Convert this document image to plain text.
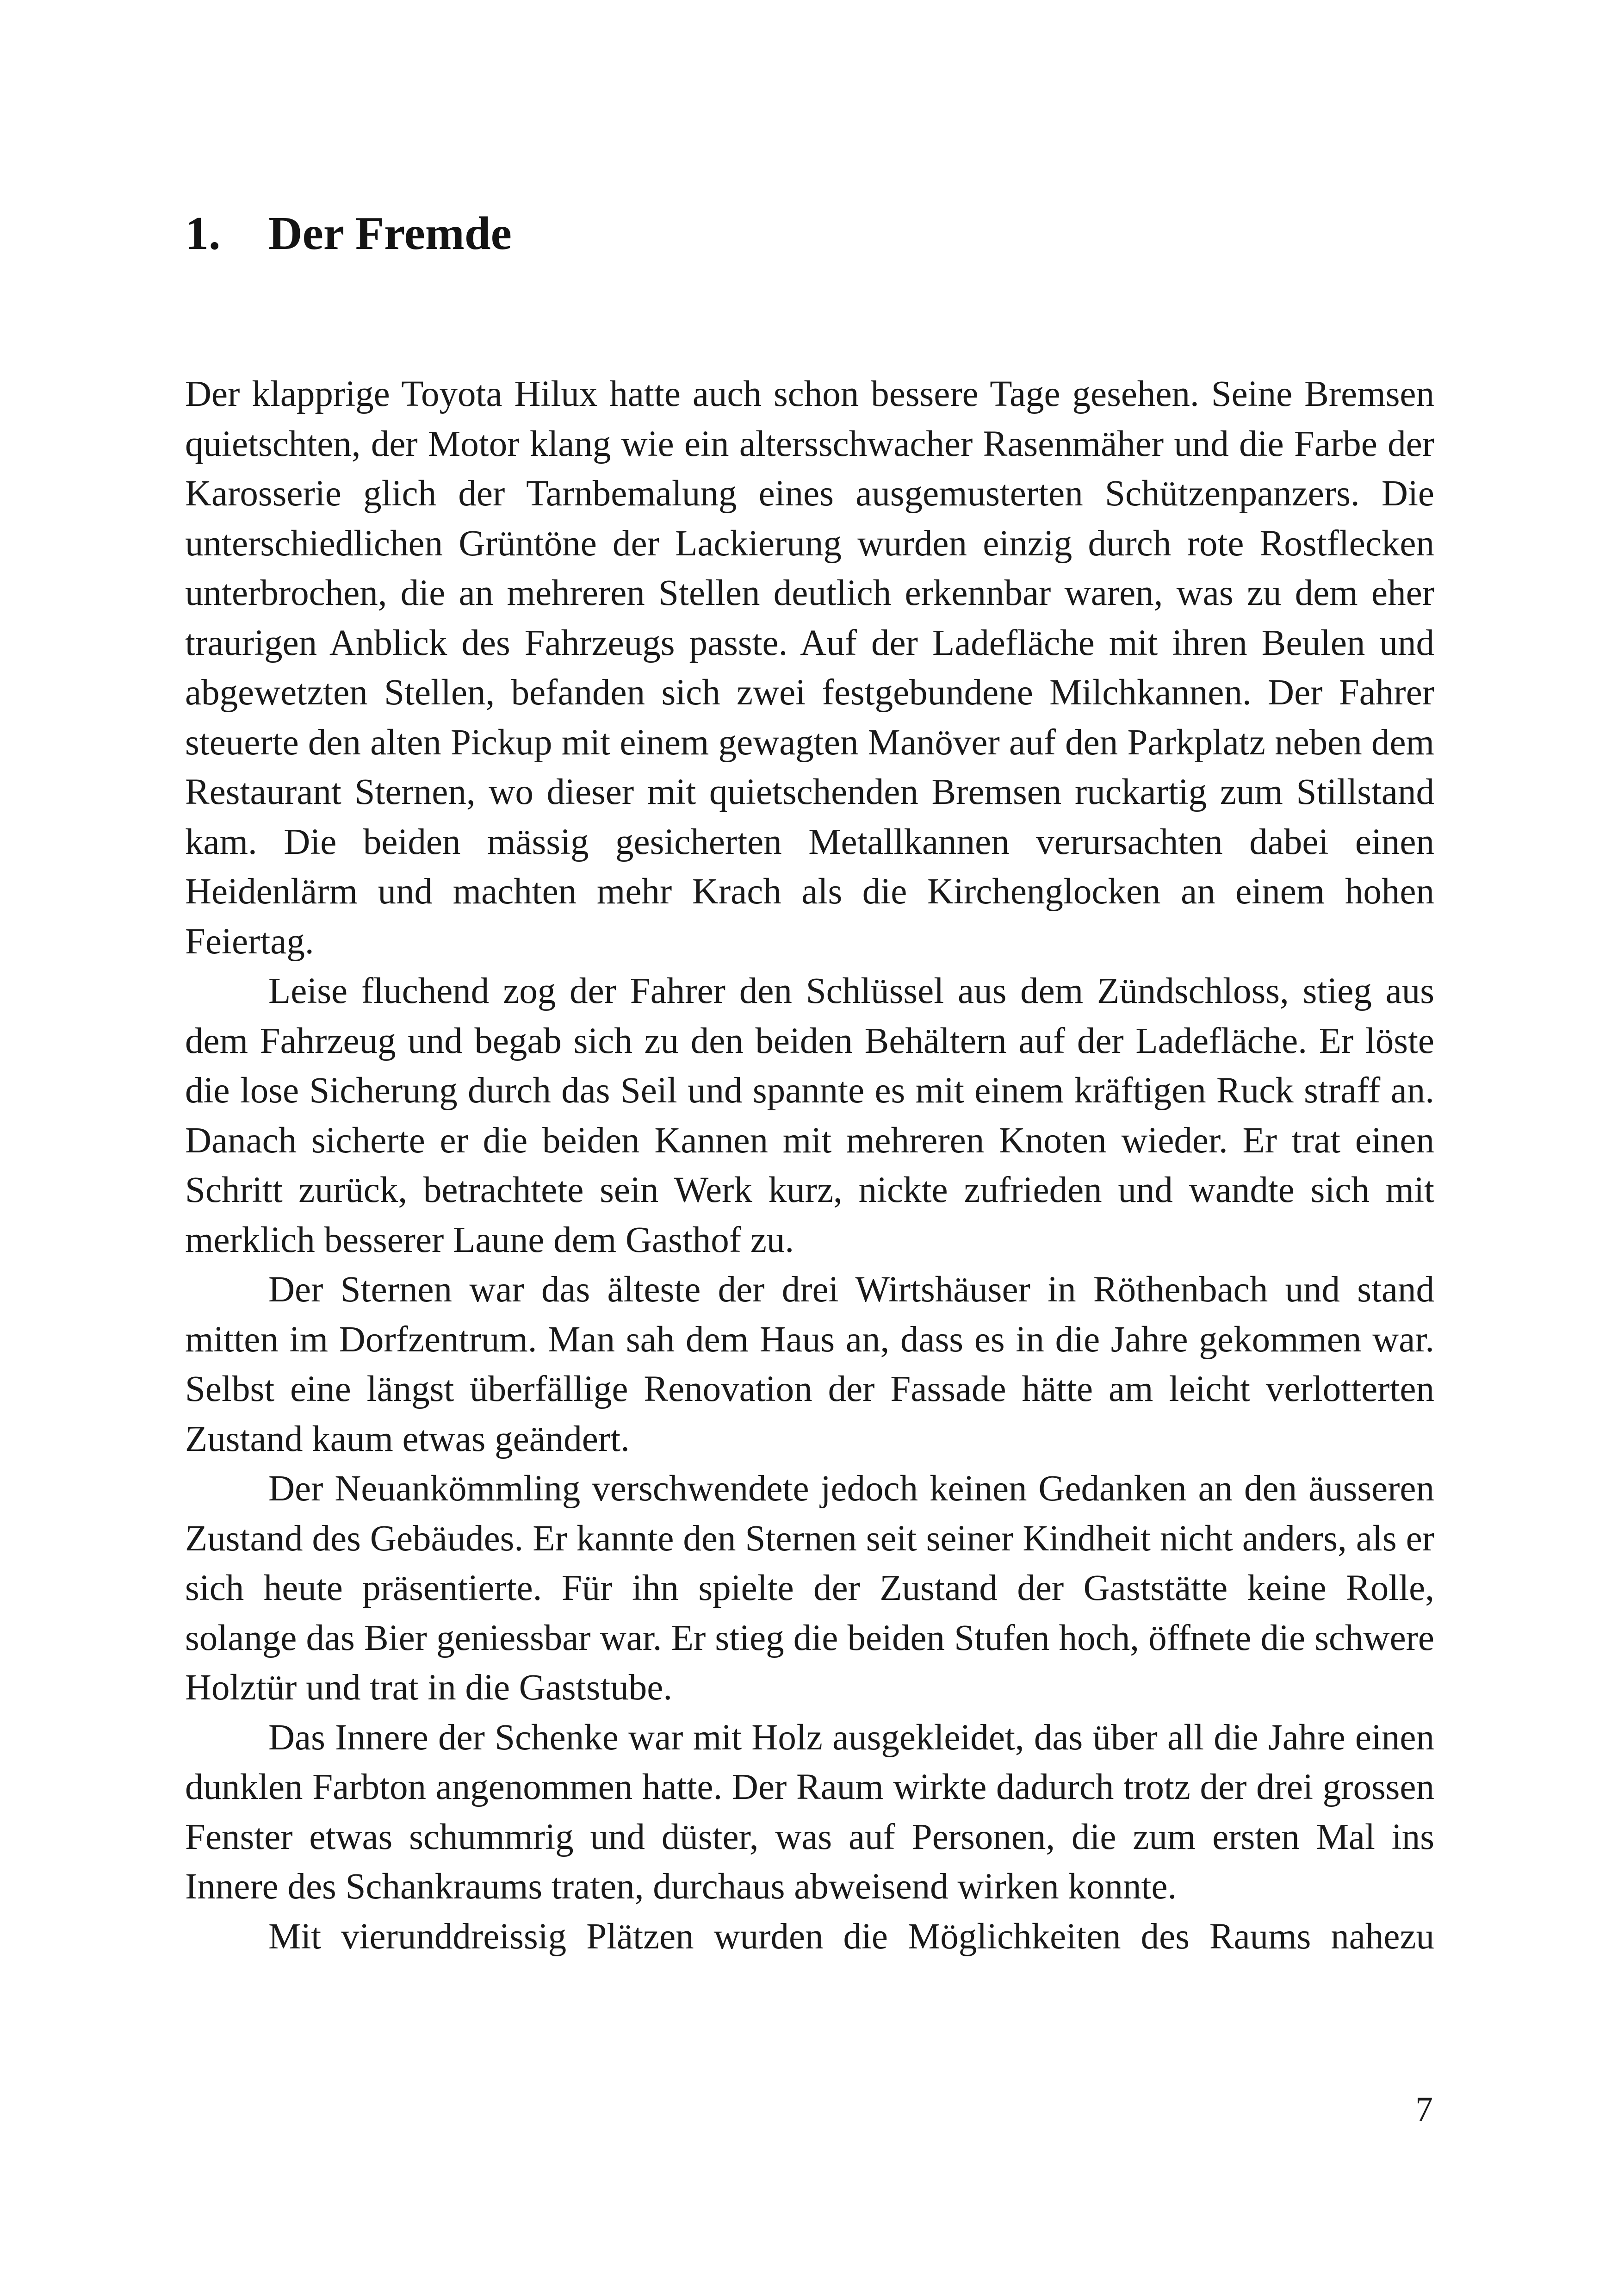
1. Der Fremde

Der klapprige Toyota Hilux hatte auch schon bessere Tage gesehen. Seine Bremsen quietschten, der Motor klang wie ein altersschwacher Rasenmäher und die Farbe der Karosserie glich der Tarnbemalung eines ausgemusterten Schützenpanzers. Die unterschiedlichen Grüntöne der Lackierung wurden einzig durch rote Rostflecken unterbrochen, die an mehreren Stellen deutlich erkennbar waren, was zu dem eher traurigen Anblick des Fahrzeugs passte. Auf der Ladefläche mit ihren Beulen und abgewetzten Stellen, befanden sich zwei festgebundene Milchkannen. Der Fahrer steuerte den alten Pickup mit einem gewagten Manöver auf den Parkplatz neben dem Restaurant Sternen, wo dieser mit quietschenden Bremsen ruckartig zum Stillstand kam. Die beiden mässig gesicherten Metallkannen verursachten dabei einen Heidenlärm und machten mehr Krach als die Kirchenglocken an einem hohen Feiertag.

Leise fluchend zog der Fahrer den Schlüssel aus dem Zündschloss, stieg aus dem Fahrzeug und begab sich zu den beiden Behältern auf der Ladefläche. Er löste die lose Sicherung durch das Seil und spannte es mit einem kräftigen Ruck straff an. Danach sicherte er die beiden Kannen mit mehreren Knoten wieder. Er trat einen Schritt zurück, betrachtete sein Werk kurz, nickte zufrieden und wandte sich mit merklich besserer Laune dem Gasthof zu.

Der Sternen war das älteste der drei Wirtshäuser in Röthenbach und stand mitten im Dorfzentrum. Man sah dem Haus an, dass es in die Jahre gekommen war. Selbst eine längst überfällige Renovation der Fassade hätte am leicht verlotterten Zustand kaum etwas geändert.

Der Neuankömmling verschwendete jedoch keinen Gedanken an den äusseren Zustand des Gebäudes. Er kannte den Sternen seit seiner Kindheit nicht anders, als er sich heute präsentierte. Für ihn spielte der Zustand der Gaststätte keine Rolle, solange das Bier geniessbar war. Er stieg die beiden Stufen hoch, öffnete die schwere Holztür und trat in die Gaststube.

Das Innere der Schenke war mit Holz ausgekleidet, das über all die Jahre einen dunklen Farbton angenommen hatte. Der Raum wirkte dadurch trotz der drei grossen Fenster etwas schummrig und düster, was auf Personen, die zum ersten Mal ins Innere des Schankraums traten, durchaus abweisend wirken konnte.

Mit vierunddreissig Plätzen wurden die Möglichkeiten des Raums nahezu

7
